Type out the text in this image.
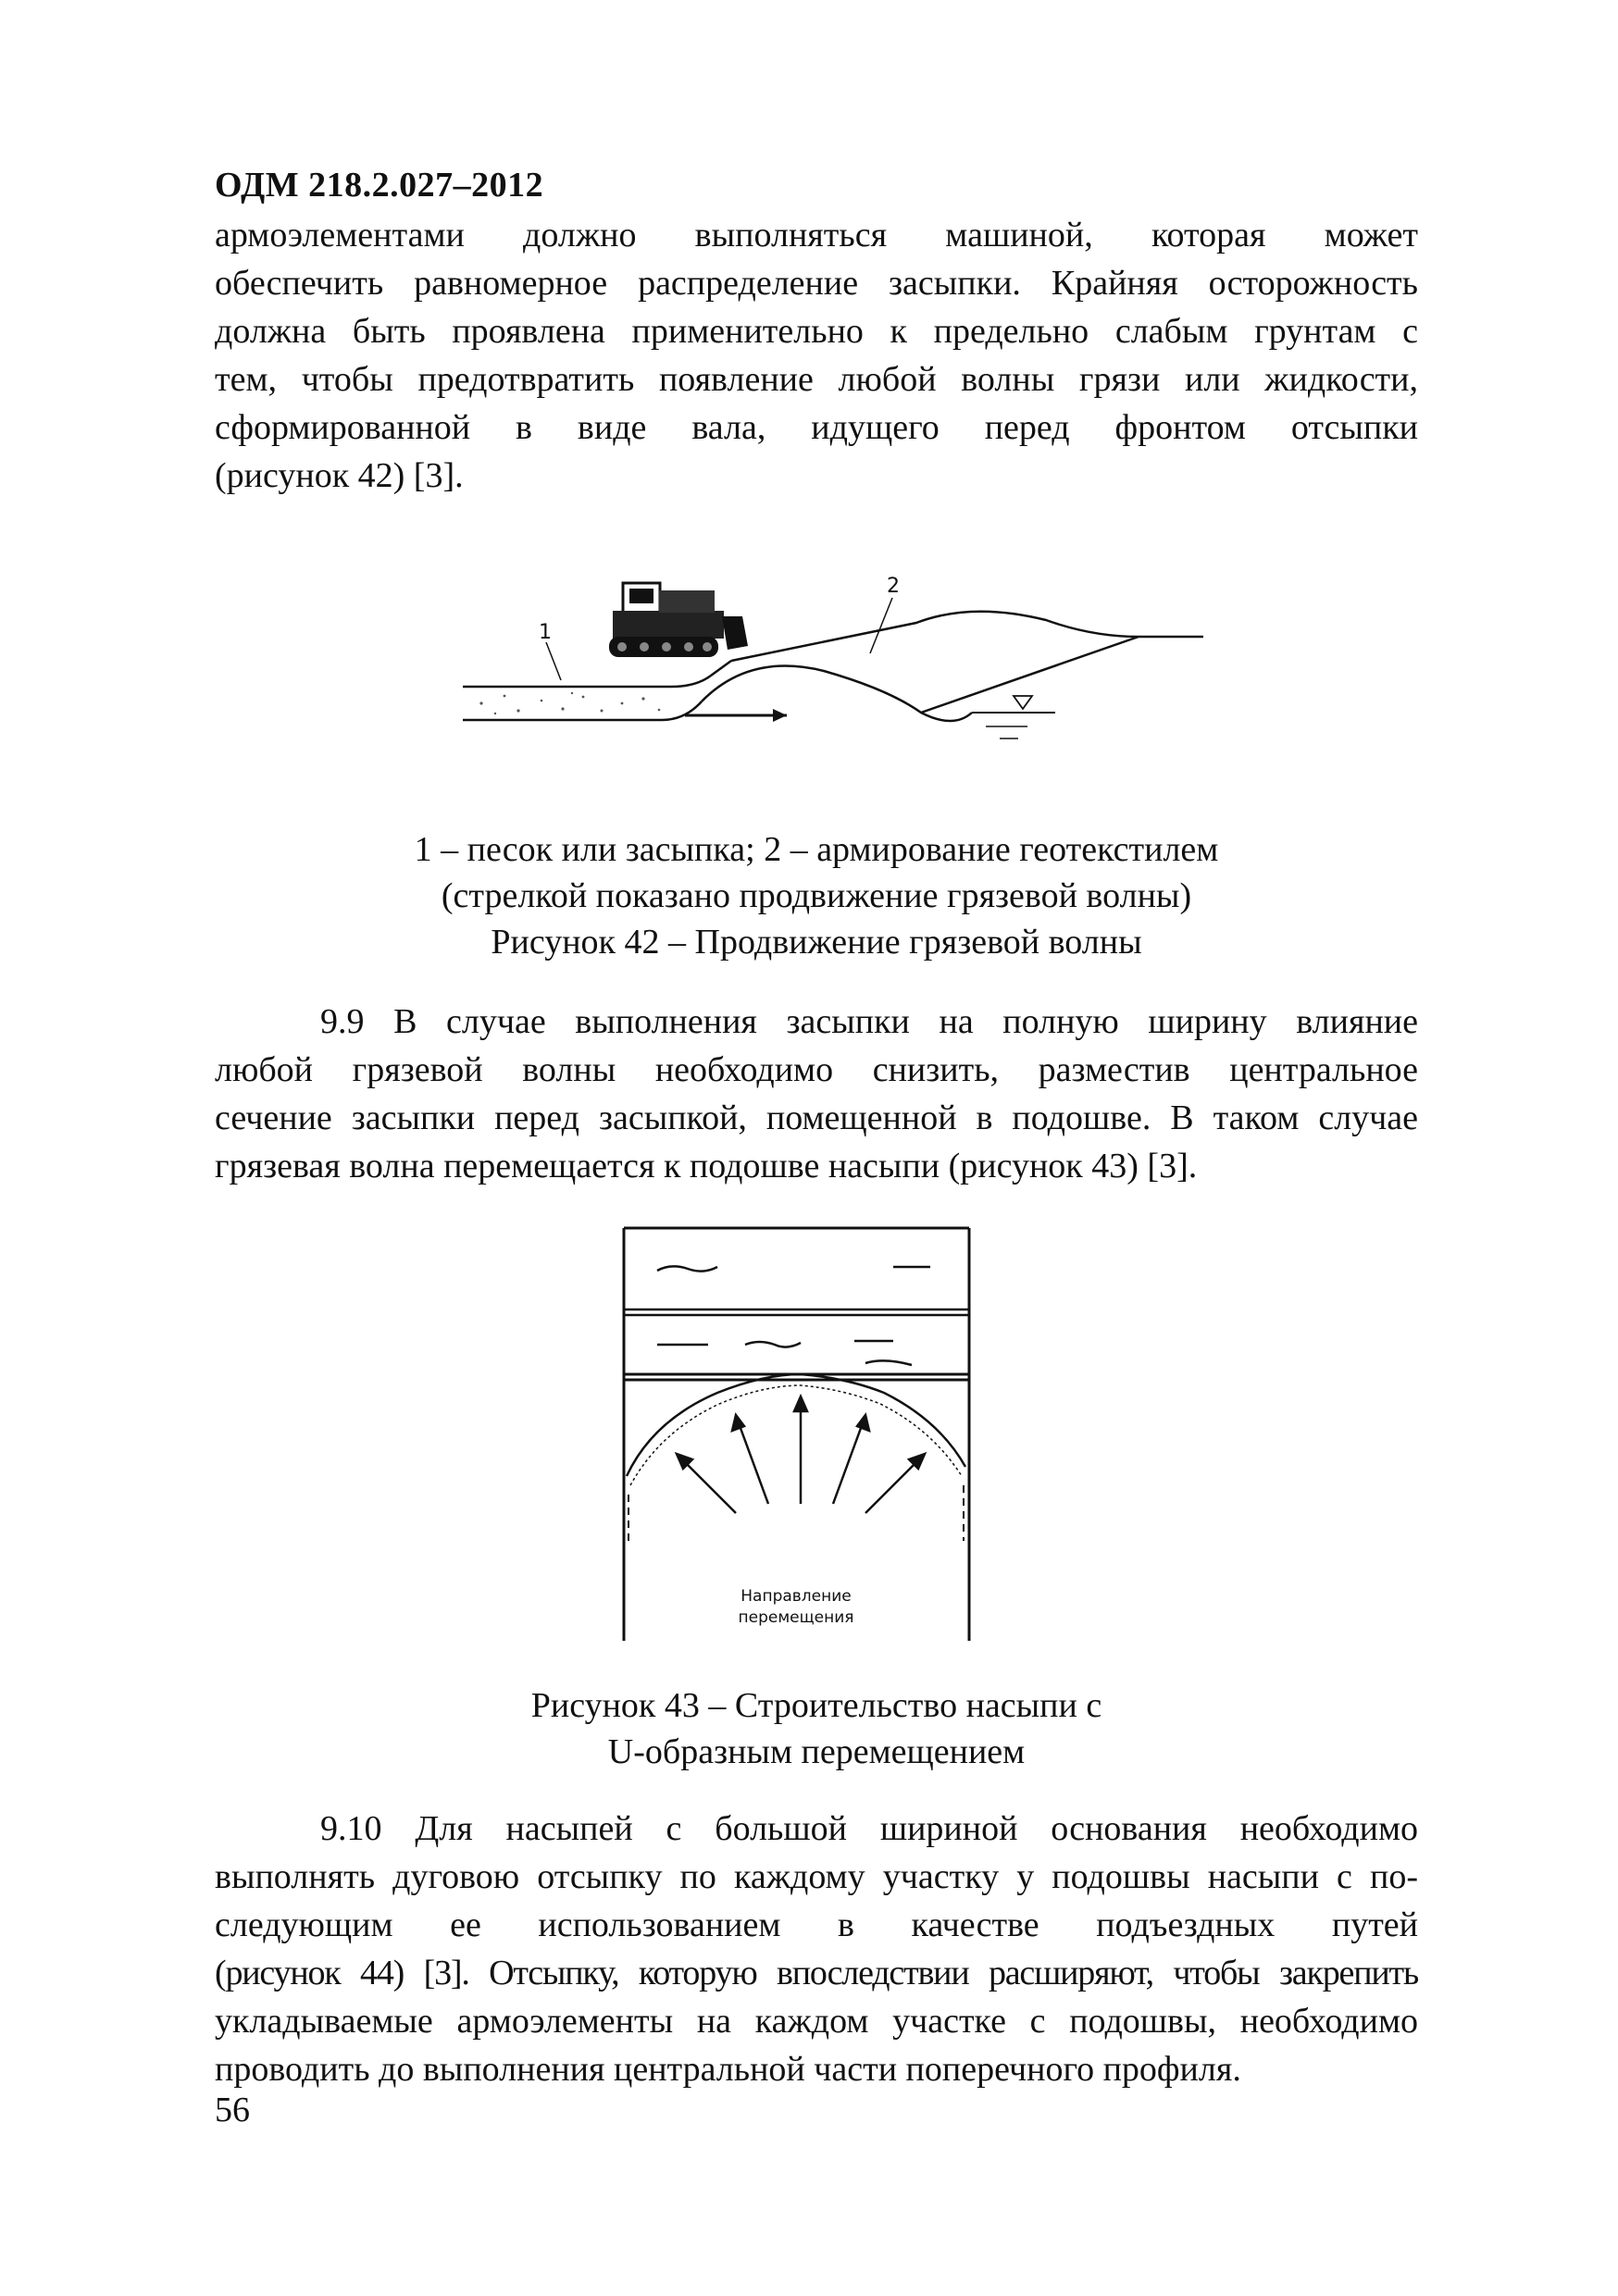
ОДМ 218.2.027–2012
армоэлементами должно выполняться машиной, которая может
обеспечить равномерное распределение засыпки. Крайняя осторожность
должна быть проявлена применительно к предельно слабым грунтам с
тем, чтобы предотвратить появление любой волны грязи или жидкости,
сформированной в виде вала, идущего перед фронтом отсыпки
(рисунок 42) [3].
1
2
1 – песок или засыпка; 2 – армирование геотекстилем
(стрелкой показано продвижение грязевой волны)
Рисунок 42 – Продвижение грязевой волны
9.9 В случае выполнения засыпки на полную ширину влияние
любой грязевой волны необходимо снизить, разместив центральное
сечение засыпки перед засыпкой, помещенной в подошве. В таком случае
грязевая волна перемещается к подошве насыпи (рисунок 43) [3].
Направление
перемещения
Рисунок 43 – Строительство насыпи с
U-образным перемещением
9.10 Для насыпей с большой шириной основания необходимо
выполнять дуговою отсыпку по каждому участку у подошвы насыпи с по-
следующим ее использованием в качестве подъездных путей
(рисунок 44) [3]. Отсыпку, которую впоследствии расширяют, чтобы закрепить
укладываемые армоэлементы на каждом участке с подошвы, необходимо
проводить до выполнения центральной части поперечного профиля.
56
